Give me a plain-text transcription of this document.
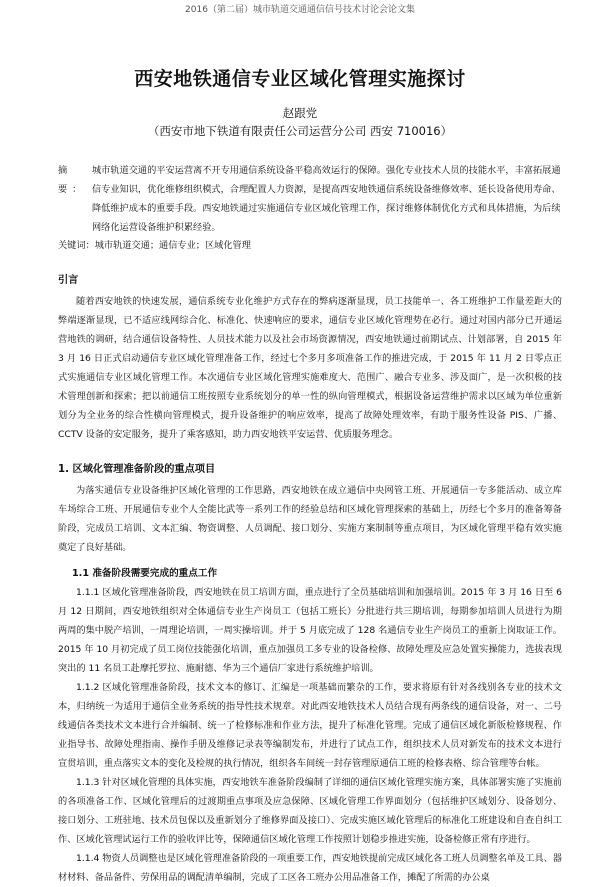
2016（第二届）城市轨道交通通信信号技术讨论会论文集
西安地铁通信专业区域化管理实施探讨
赵跟党
（西安市地下铁道有限责任公司运营分公司 西安 710016）
摘 要：
城市轨道交通的平安运营离不开专用通信系统设备平稳高效运行的保障。强化专业技术人员的技能水平，丰富拓展通信专业知识，优化维修组织模式，合理配置人力资源，是提高西安地铁通信系统设备维修效率、延长设备使用寿命、降低维护成本的重要手段。西安地铁通过实施通信专业区域化管理工作，探讨维修体制优化方式和具体措施，为后续网络化运营设备维护积累经验。
关键词：城市轨道交通；通信专业；区域化管理
引言

随着西安地铁的快速发展，通信系统专业化维护方式存在的弊病逐渐显现，员工技能单一、各工班维护工作量差距大的弊端逐渐显现，已不适应线网综合化、标准化、快速响应的要求，通信专业区域化管理势在必行。通过对国内部分已开通运营地铁的调研，结合通信设备特性、人员技术能力以及社会市场资源情况，西安地铁通过前期试点、计划部署，自 2015 年 3 月 16 日正式启动通信专业区域化管理准备工作，经过七个多月多项准备工作的推进完成，于 2015 年 11 月 2 日零点正式实施通信专业区域化管理工作。本次通信专业区域化管理实施难度大、范围广、融合专业多、涉及面广，是一次积极的技术管理创新和探索；把以前通信工班按照专业系统划分的单一性的纵向管理模式，根据设备运营维护需求以区域为单位重新划分为全业务的综合性横向管理模式，提升设备维护的响应效率，提高了故障处理效率，有助于服务性设备 PIS、广播、CCTV 设备的安定服务，提升了乘客感知，助力西安地铁平安运营、优质服务理念。

1. 区域化管理准备阶段的重点项目

为落实通信专业设备维护区域化管理的工作思路，西安地铁在成立通信中央网管工班、开展通信一专多能活动、成立库车场综合工班、开展通信专业个人全能比武等一系列工作的经验总结和区域化管理探索的基础上，历经七个多月的准备筹备阶段，完成员工培训、文本汇编、物资调整、人员调配、接口划分、实施方案制制等重点项目，为区域化管理平稳有效实施奠定了良好基础。

1.1 准备阶段需要完成的重点工作

1.1.1 区域化管理准备阶段，西安地铁在员工培训方面，重点进行了全员基础培训和加强培训。2015 年 3 月 16 日至 6 月 12 日期间，西安地铁组织对全体通信专业生产岗员工（包括工班长）分批进行共三期培训，每期参加培训人员进行为期两周的集中脱产培训，一周理论培训，一周实操培训。并于 5 月底完成了 128 名通信专业生产岗员工的重新上岗取证工作。2015 年 10 月初完成了员工岗位技能强化培训，重点加强员工多专业的设备检修、故障处理及应急处置实操能力，选拔表现突出的 11 名员工赴摩托罗拉、施耐德、华为三个通信厂家进行系统维护培训。

1.1.2 区域化管理准备阶段，技术文本的修订、汇编是一项基础而繁杂的工作，要求将原有针对各线别各专业的技术文本，归纳统一为适用于通信全业务系统的指导性技术规章。对此西安地铁技术人员结合现有两条线的通信设备，对一、二号线通信各类技术文本进行合并编制、统一了检修标准和作业方法，提升了标准化管理。完成了通信区域化新版检修规程、作业指导书、故障处理指南、操作手册及维修记录表等编制发布，并进行了试点工作，组织技术人员对新发布的技术文本进行宣贯培训，重点落实文本的变化及检规的执行情况，组织各车间统一封存管理原通信工班的检修表格、综合管理等台帐。

1.1.3 针对区域化管理的具体实施，西安地铁车准备阶段编制了详细的通信区域化管理实施方案，具体部署实施了实施前的各项准备工作、区域化管理后的过渡期重点事项及应急保障、区域化管理工作界面划分（包括维护区域划分、设备划分、接口划分、工班驻地、技术员包保以及重新划分了维修界面及接口）、完成实施区域化管理后的标准化工班建设和自查自纠工作、区域化管理试运行工作的验收评比等，保障通信区域化管理工作按照计划稳步推进实施，设备检修正常有序进行。

1.1.4 物资人员调整也是区域化管理准备阶段的一项重要工作，西安地铁提前完成区域化各工班人员调整名单及工具、器材材料、备品备件、劳保用品的调配清单编制，完成了工区各工班办公用品准备工作，摊配了所需的办公桌
